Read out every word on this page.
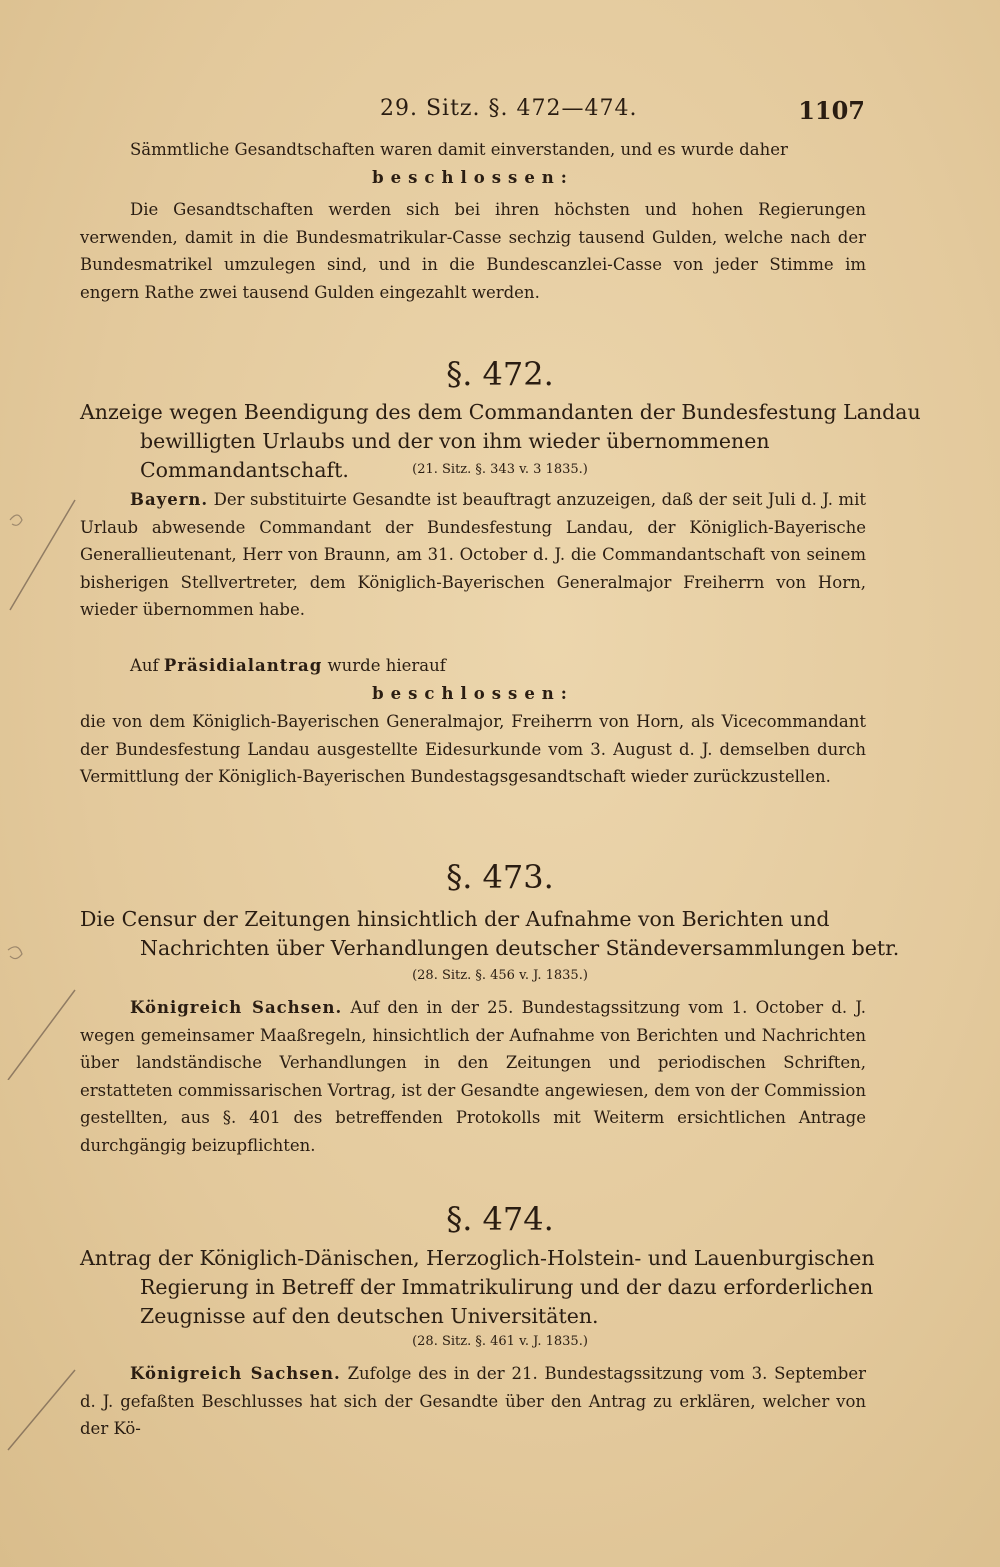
29. Sitz. §. 472—474.	1107
Sämmtliche Gesandtschaften waren damit einverstanden, und es wurde daher
beschlossen:
Die Gesandtschaften werden sich bei ihren höchsten und hohen Regierungen verwenden, damit in die Bundesmatrikular-Casse sechzig tausend Gulden, welche nach der Bundesmatrikel umzulegen sind, und in die Bundescanzlei-Casse von jeder Stimme im engern Rathe zwei tausend Gulden eingezahlt werden.
§. 472.
Anzeige wegen Beendigung des dem Commandanten der Bundesfestung Landau bewilligten Urlaubs und der von ihm wieder übernommenen Commandantschaft.	(21. Sitz. §. 343 v. 3 1835.)
Bayern. Der substituirte Gesandte ist beauftragt anzuzeigen, daß der seit Juli d. J. mit Urlaub abwesende Commandant der Bundesfestung Landau, der Königlich-Bayerische Generallieutenant, Herr von Braunn, am 31. October d. J. die Commandantschaft von seinem bisherigen Stellvertreter, dem Königlich-Bayerischen Generalmajor Freiherrn von Horn, wieder übernommen habe.
Auf Präsidialantrag wurde hierauf
beschlossen:
die von dem Königlich-Bayerischen Generalmajor, Freiherrn von Horn, als Vicecommandant der Bundesfestung Landau ausgestellte Eidesurkunde vom 3. August d. J. demselben durch Vermittlung der Königlich-Bayerischen Bundestagsgesandtschaft wieder zurückzustellen.
§. 473.
Die Censur der Zeitungen hinsichtlich der Aufnahme von Berichten und Nachrichten über Verhandlungen deutscher Ständeversammlungen betr.
(28. Sitz. §. 456 v. J. 1835.)
Königreich Sachsen. Auf den in der 25. Bundestagssitzung vom 1. October d. J. wegen gemeinsamer Maaßregeln, hinsichtlich der Aufnahme von Berichten und Nachrichten über landständische Verhandlungen in den Zeitungen und periodischen Schriften, erstatteten commissarischen Vortrag, ist der Gesandte angewiesen, dem von der Commission gestellten, aus §. 401 des betreffenden Protokolls mit Weiterm ersichtlichen Antrage durchgängig beizupflichten.
§. 474.
Antrag der Königlich-Dänischen, Herzoglich-Holstein- und Lauenburgischen Regierung in Betreff der Immatrikulirung und der dazu erforderlichen Zeugnisse auf den deutschen Universitäten.
(28. Sitz. §. 461 v. J. 1835.)
Königreich Sachsen. Zufolge des in der 21. Bundestagssitzung vom 3. September d. J. gefaßten Beschlusses hat sich der Gesandte über den Antrag zu erklären, welcher von der Kö-
